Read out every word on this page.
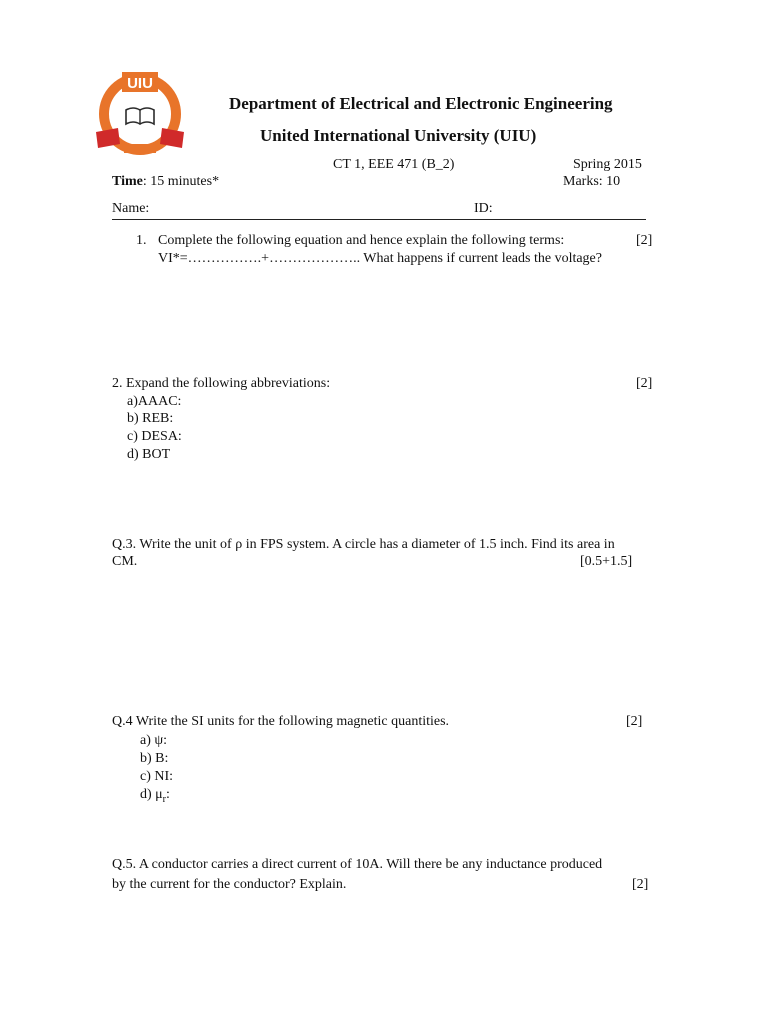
UIU
Department of Electrical and Electronic Engineering
United International University (UIU)
CT 1, EEE 471 (B_2)	Spring 2015
Time: 15 minutes*	Marks: 10
Name:	ID:
1. Complete the following equation and hence explain the following terms:	[2]
VI*=…………….+……………….. What happens if current leads the voltage?
2. Expand the following abbreviations:	[2]
a)AAAC:
b) REB:
c) DESA:
d) BOT
Q.3. Write the unit of ρ in FPS system. A circle has a diameter of 1.5 inch. Find its area in
CM.	[0.5+1.5]
Q.4 Write the SI units for the following magnetic quantities.	[2]
a) ψ:
b) B:
c) NI:
d) $\mu_r$:
Q.5. A conductor carries a direct current of 10A. Will there be any inductance produced
by the current for the conductor? Explain.	[2]
